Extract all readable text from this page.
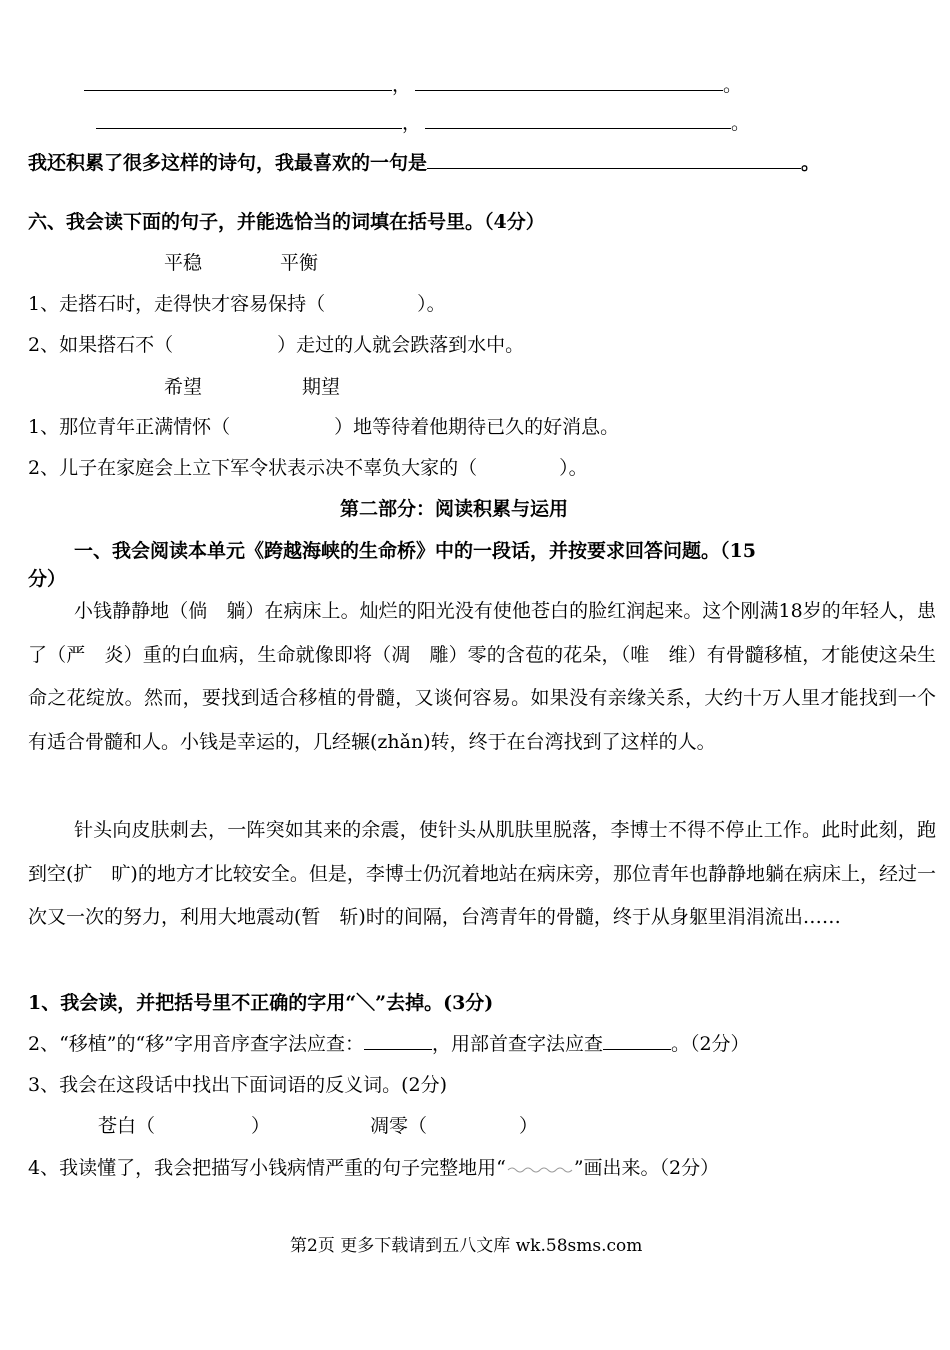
，	。
，	。
我还积累了很多这样的诗句，我最喜欢的一句是	。
六、我会读下面的句子，并能选恰当的词填在括号里。（4分）
平稳	平衡
1、走搭石时，走得快才容易保持（	）。
2、如果搭石不（	）走过的人就会跌落到水中。
希望	期望
1、那位青年正满情怀（	）地等待着他期待已久的好消息。
2、儿子在家庭会上立下军令状表示决不辜负大家的（	）。
第二部分：阅读积累与运用
一、我会阅读本单元《跨越海峡的生命桥》中的一段话，并按要求回答问题。（15
分）
小钱静静地（倘　躺）在病床上。灿烂的阳光没有使他苍白的脸红润起来。这个刚满18岁的年轻人，患了（严　炎）重的白血病，生命就像即将（凋　雕）零的含苞的花朵，（唯　维）有骨髓移植，才能使这朵生命之花绽放。然而，要找到适合移植的骨髓，又谈何容易。如果没有亲缘关系，大约十万人里才能找到一个有适合骨髓和人。小钱是幸运的，几经辗(zhǎn)转，终于在台湾找到了这样的人。
针头向皮肤刺去，一阵突如其来的余震，使针头从肌肤里脱落，李博士不得不停止工作。此时此刻，跑到空(扩　旷)的地方才比较安全。但是，李博士仍沉着地站在病床旁，那位青年也静静地躺在病床上，经过一次又一次的努力，利用大地震动(暂　斩)时的间隔，台湾青年的骨髓，终于从身躯里涓涓流出……
1、我会读，并把括号里不正确的字用“＼”去掉。(3分)
2、“移植”的“移”字用音序查字法应查：	，用部首查字法应查	。（2分）
3、我会在这段话中找出下面词语的反义词。(2分)
苍白（	）	凋零（	）
4、我读懂了，我会把描写小钱病情严重的句子完整地用“	”画出来。（2分）
第2页 更多下载请到五八文库 wk.58sms.com
